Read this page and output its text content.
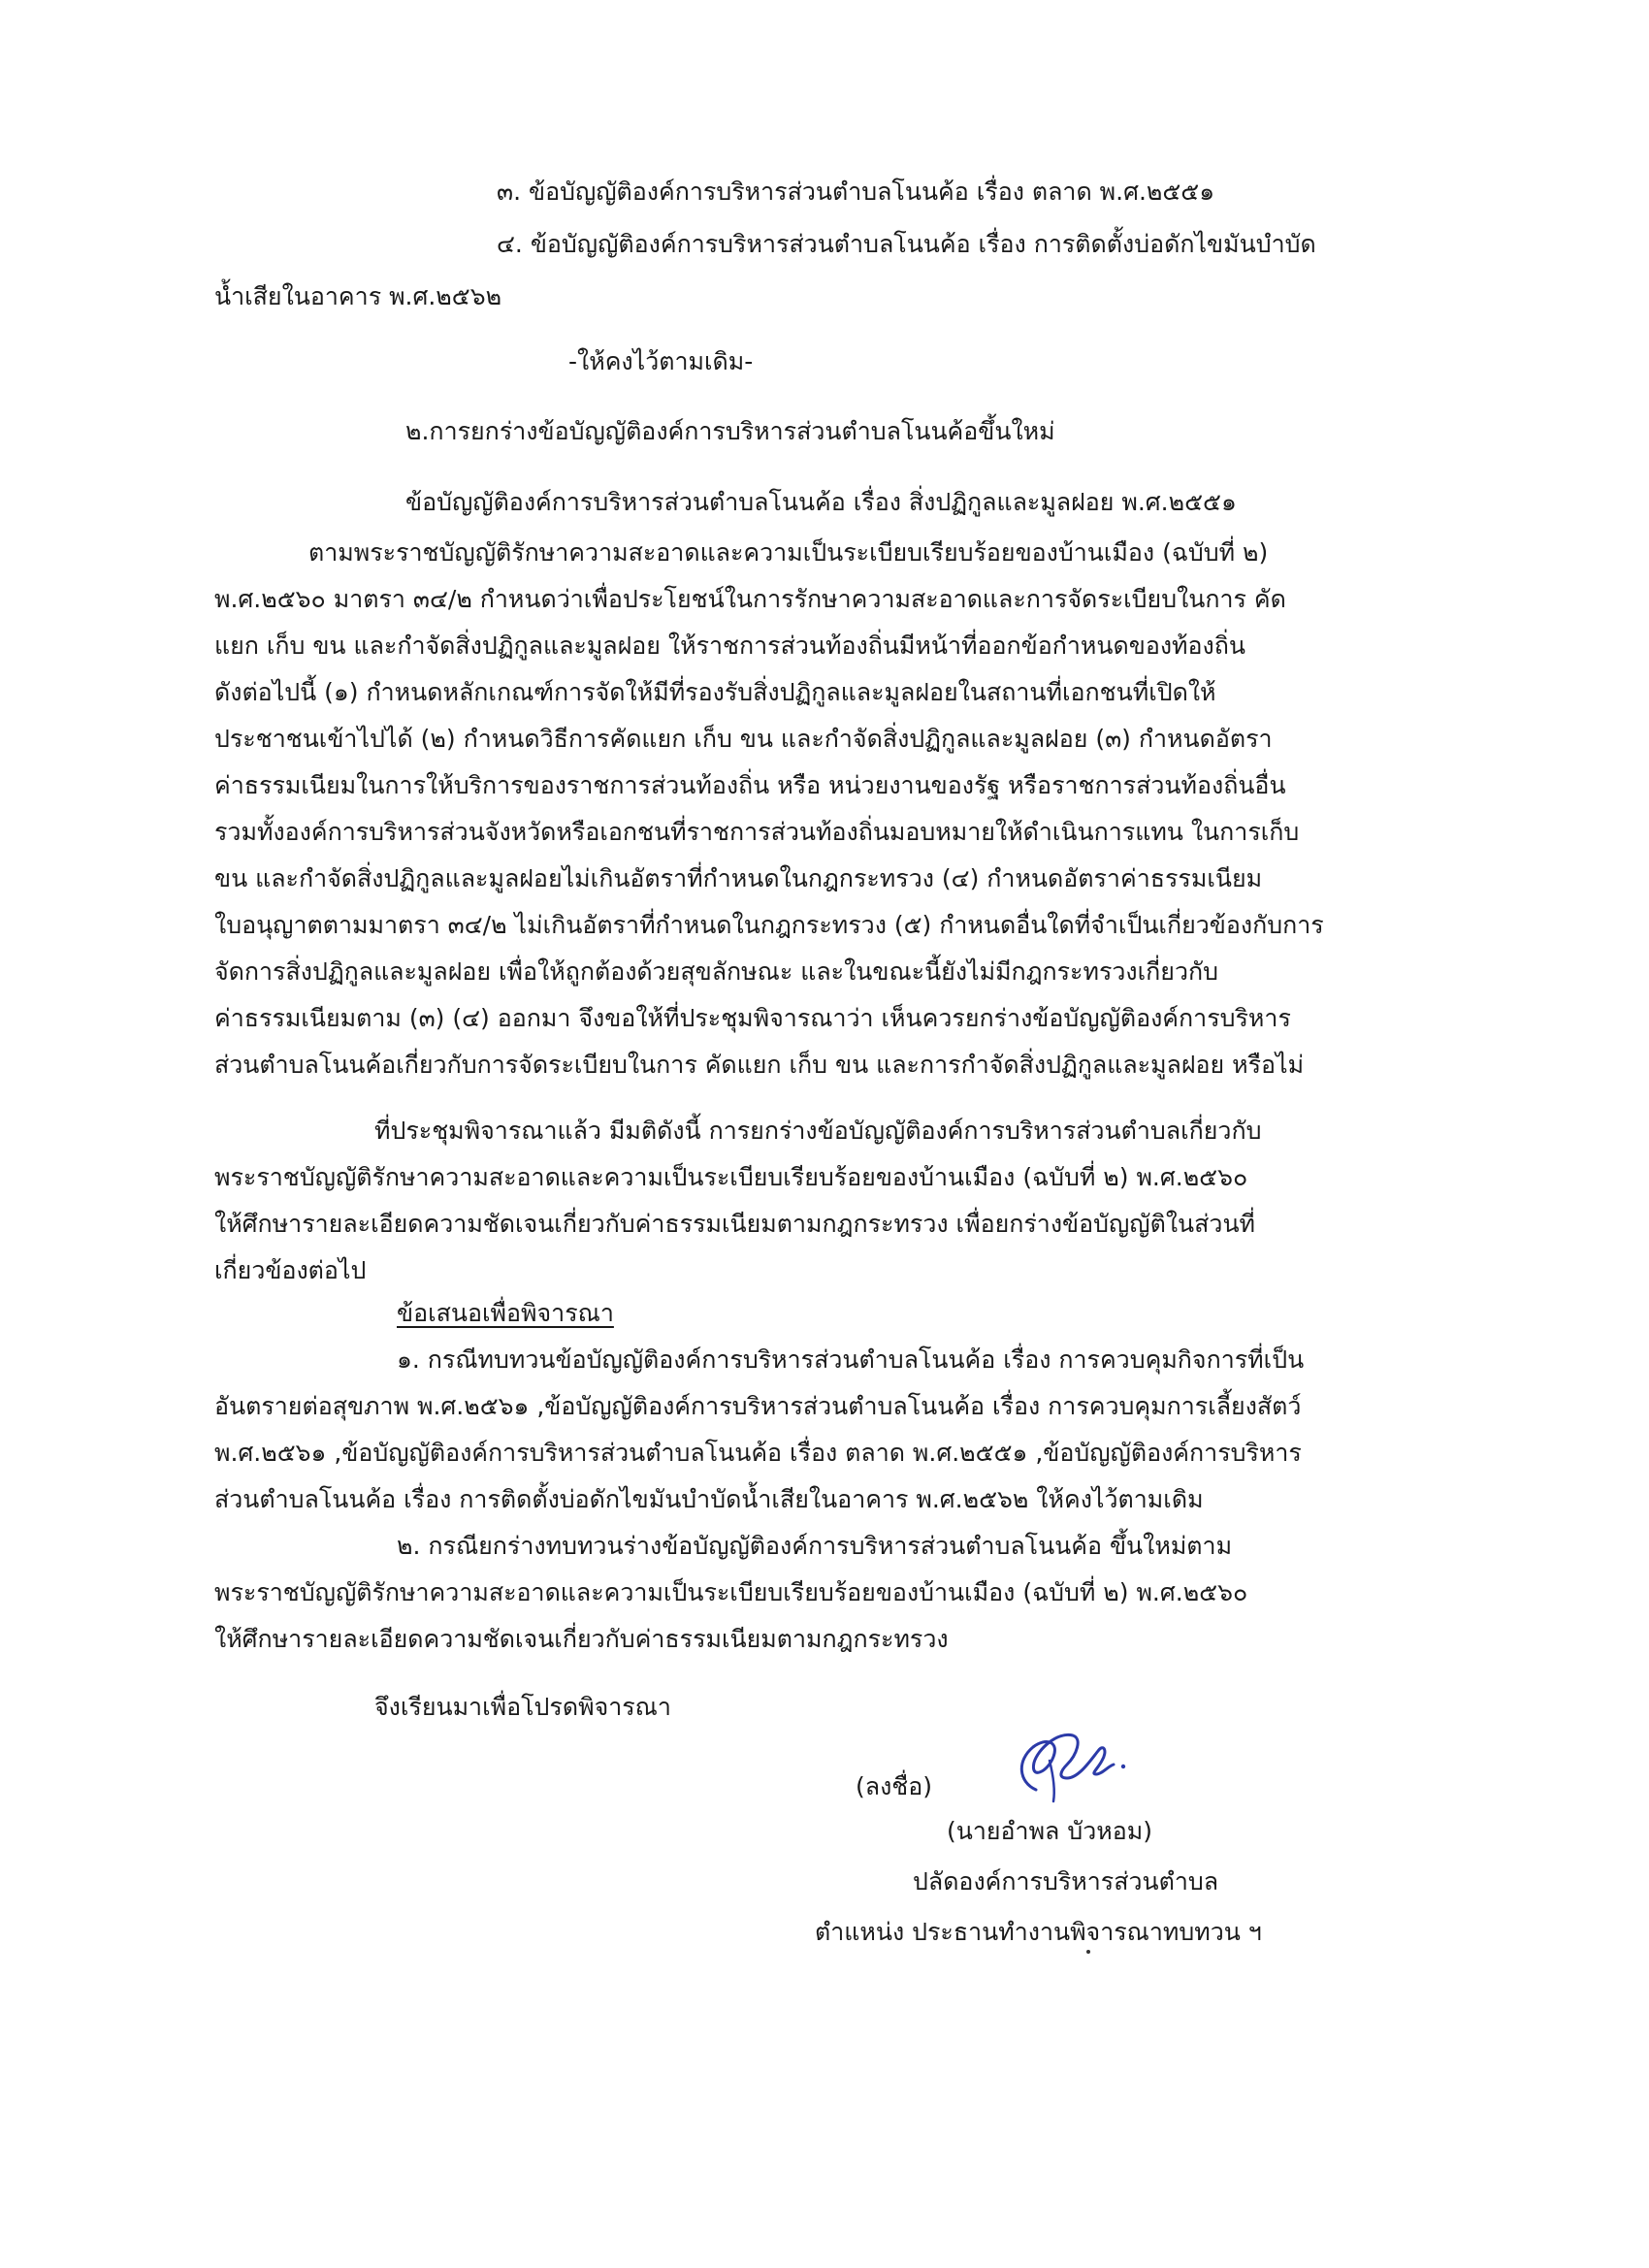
๓. ข้อบัญญัติองค์การบริหารส่วนตำบลโนนค้อ เรื่อง ตลาด พ.ศ.๒๕๕๑
๔. ข้อบัญญัติองค์การบริหารส่วนตำบลโนนค้อ เรื่อง การติดตั้งบ่อดักไขมันบำบัด
น้ำเสียในอาคาร พ.ศ.๒๕๖๒
-ให้คงไว้ตามเดิม-
๒.การยกร่างข้อบัญญัติองค์การบริหารส่วนตำบลโนนค้อขึ้นใหม่
ข้อบัญญัติองค์การบริหารส่วนตำบลโนนค้อ เรื่อง สิ่งปฏิกูลและมูลฝอย พ.ศ.๒๕๕๑
ตามพระราชบัญญัติรักษาความสะอาดและความเป็นระเบียบเรียบร้อยของบ้านเมือง (ฉบับที่ ๒)
พ.ศ.๒๕๖๐ มาตรา ๓๔/๒ กำหนดว่าเพื่อประโยชน์ในการรักษาความสะอาดและการจัดระเบียบในการ คัด
แยก เก็บ ขน และกำจัดสิ่งปฏิกูลและมูลฝอย ให้ราชการส่วนท้องถิ่นมีหน้าที่ออกข้อกำหนดของท้องถิ่น
ดังต่อไปนี้ (๑) กำหนดหลักเกณฑ์การจัดให้มีที่รองรับสิ่งปฏิกูลและมูลฝอยในสถานที่เอกชนที่เปิดให้
ประชาชนเข้าไปได้ (๒) กำหนดวิธีการคัดแยก เก็บ ขน และกำจัดสิ่งปฏิกูลและมูลฝอย (๓) กำหนดอัตรา
ค่าธรรมเนียมในการให้บริการของราชการส่วนท้องถิ่น หรือ หน่วยงานของรัฐ หรือราชการส่วนท้องถิ่นอื่น
รวมทั้งองค์การบริหารส่วนจังหวัดหรือเอกชนที่ราชการส่วนท้องถิ่นมอบหมายให้ดำเนินการแทน ในการเก็บ
ขน และกำจัดสิ่งปฏิกูลและมูลฝอยไม่เกินอัตราที่กำหนดในกฎกระทรวง (๔) กำหนดอัตราค่าธรรมเนียม
ใบอนุญาตตามมาตรา ๓๔/๒ ไม่เกินอัตราที่กำหนดในกฎกระทรวง (๕) กำหนดอื่นใดที่จำเป็นเกี่ยวข้องกับการ
จัดการสิ่งปฏิกูลและมูลฝอย เพื่อให้ถูกต้องด้วยสุขลักษณะ และในขณะนี้ยังไม่มีกฎกระทรวงเกี่ยวกับ
ค่าธรรมเนียมตาม (๓) (๔) ออกมา จึงขอให้ที่ประชุมพิจารณาว่า เห็นควรยกร่างข้อบัญญัติองค์การบริหาร
ส่วนตำบลโนนค้อเกี่ยวกับการจัดระเบียบในการ คัดแยก เก็บ ขน และการกำจัดสิ่งปฏิกูลและมูลฝอย หรือไม่
ที่ประชุมพิจารณาแล้ว มีมติดังนี้ การยกร่างข้อบัญญัติองค์การบริหารส่วนตำบลเกี่ยวกับ
พระราชบัญญัติรักษาความสะอาดและความเป็นระเบียบเรียบร้อยของบ้านเมือง (ฉบับที่ ๒) พ.ศ.๒๕๖๐
ให้ศึกษารายละเอียดความชัดเจนเกี่ยวกับค่าธรรมเนียมตามกฎกระทรวง เพื่อยกร่างข้อบัญญัติในส่วนที่
เกี่ยวข้องต่อไป
ข้อเสนอเพื่อพิจารณา
๑. กรณีทบทวนข้อบัญญัติองค์การบริหารส่วนตำบลโนนค้อ เรื่อง การควบคุมกิจการที่เป็น
อันตรายต่อสุขภาพ พ.ศ.๒๕๖๑ ,ข้อบัญญัติองค์การบริหารส่วนตำบลโนนค้อ เรื่อง การควบคุมการเลี้ยงสัตว์
พ.ศ.๒๕๖๑ ,ข้อบัญญัติองค์การบริหารส่วนตำบลโนนค้อ เรื่อง ตลาด พ.ศ.๒๕๕๑ ,ข้อบัญญัติองค์การบริหาร
ส่วนตำบลโนนค้อ เรื่อง การติดตั้งบ่อดักไขมันบำบัดน้ำเสียในอาคาร พ.ศ.๒๕๖๒ ให้คงไว้ตามเดิม
๒. กรณียกร่างทบทวนร่างข้อบัญญัติองค์การบริหารส่วนตำบลโนนค้อ ขึ้นใหม่ตาม
พระราชบัญญัติรักษาความสะอาดและความเป็นระเบียบเรียบร้อยของบ้านเมือง (ฉบับที่ ๒) พ.ศ.๒๕๖๐
ให้ศึกษารายละเอียดความชัดเจนเกี่ยวกับค่าธรรมเนียมตามกฎกระทรวง
จึงเรียนมาเพื่อโปรดพิจารณา
(ลงชื่อ)
(นายอำพล บัวหอม)
ปลัดองค์การบริหารส่วนตำบล
ตำแหน่ง ประธานทำงานพิจารณาทบทวน ฯ
